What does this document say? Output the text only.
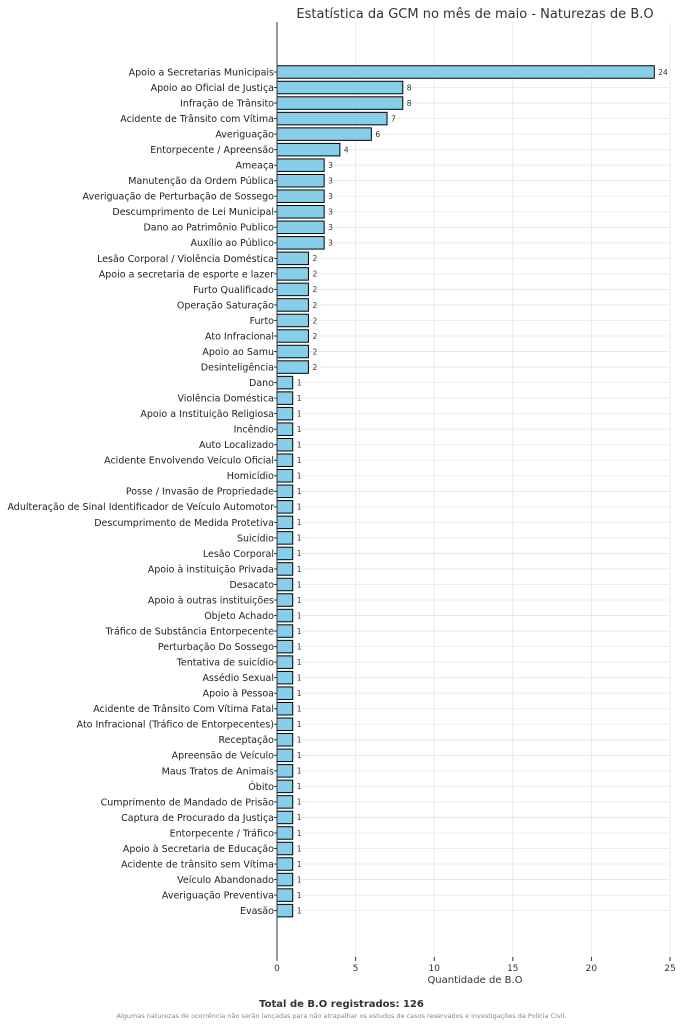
Apoio a Secretarias Municipais
Apoio ao Oficial de Justiça
Infração de Trânsito
Acidente de Trânsito com Vítima
Averiguação
Entorpecente / Apreensão
Ameaça
Manutenção da Ordem Pública
Averiguação de Perturbação de Sossego
Descumprimento de Lei Municipal
Dano ao Patrimônio Publico
Auxílio ao Público
Lesão Corporal / Violência Doméstica
Apoio a secretaria de esporte e lazer
Furto Qualificado
Operação Saturação
Furto
Ato Infracional
Apoio ao Samu
Desinteligência
Dano
Violência Doméstica
Apoio a Instituição Religiosa
Incêndio
Auto Localizado
Acidente Envolvendo Veículo Oficial
Homicídio
Posse / Invasão de Propriedade
Adulteração de Sinal Identificador de Veículo Automotor
Descumprimento de Medida Protetiva
Suicídio
Lesão Corporal
Apoio à instituição Privada
Desacato
Apoio à outras instituições
Objeto Achado
Tráfico de Substância Entorpecente
Perturbação Do Sossego
Tentativa de suicídio
Assédio Sexual
Apoio à Pessoa
Acidente de Trânsito Com Vítima Fatal
Ato Infracional (Tráfico de Entorpecentes)
Receptação
Apreensão de Veículo
Maus Tratos de Animais
Óbito
Cumprimento de Mandado de Prisão
Captura de Procurado da Justiça
Entorpecente / Tráfico
Apoio à Secretaria de Educação
Acidente de trânsito sem Vítima
Veículo Abandonado
Averiguação Preventiva
Evasão
24
8
8
7
6
4
3
3
3
3
3
3
2
2
2
2
2
2
2
2
1
1
1
1
1
1
1
1
1
1
1
1
1
1
1
1
1
1
1
1
1
1
1
1
1
1
1
1
1
1
1
1
1
1
1
0	5	10	15	20	25
Estatística da GCM no mês de maio - Naturezas de B.O
Quantidade de B.O
Total de B.O registrados: 126
Algumas naturezas de ocorrência não serão lançadas para não atrapalhar os estudos de casos reservados e investigações da Polícia Civil.
